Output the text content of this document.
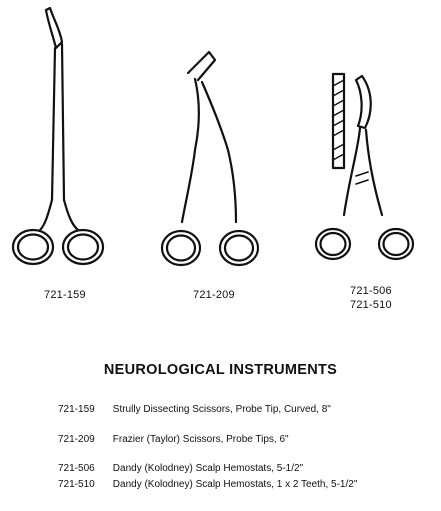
721-159	721-209	721-506
721-510
NEUROLOGICAL INSTRUMENTS
721-159 Strully Dissecting Scissors, Probe Tip, Curved, 8"
721-209 Frazier (Taylor) Scissors, Probe Tips, 6"
721-506 Dandy (Kolodney) Scalp Hemostats, 5-1/2"
721-510 Dandy (Kolodney) Scalp Hemostats, 1 x 2 Teeth, 5-1/2"
